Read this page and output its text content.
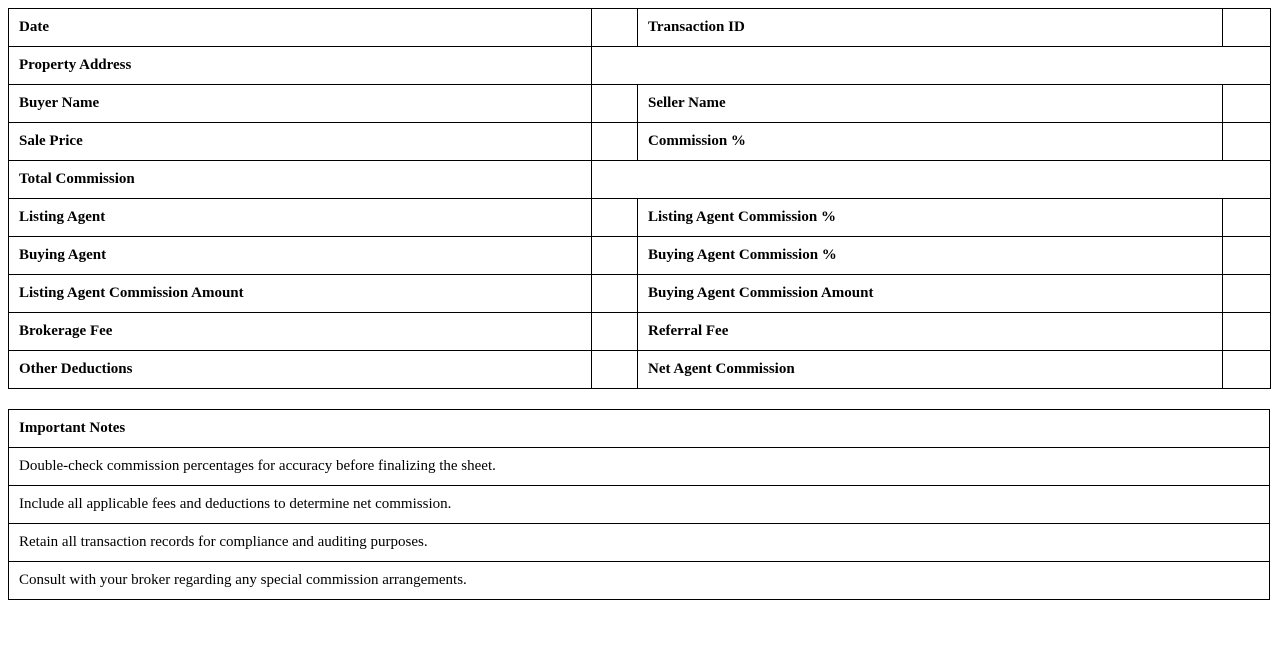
Date		Transaction ID	
Property Address			
Buyer Name		Seller Name	
Sale Price		Commission %	
Total Commission			
Listing Agent		Listing Agent Commission %	
Buying Agent		Buying Agent Commission %	
Listing Agent Commission Amount		Buying Agent Commission Amount	
Brokerage Fee		Referral Fee	
Other Deductions		Net Agent Commission	
Important Notes
Double-check commission percentages for accuracy before finalizing the sheet.
Include all applicable fees and deductions to determine net commission.
Retain all transaction records for compliance and auditing purposes.
Consult with your broker regarding any special commission arrangements.
